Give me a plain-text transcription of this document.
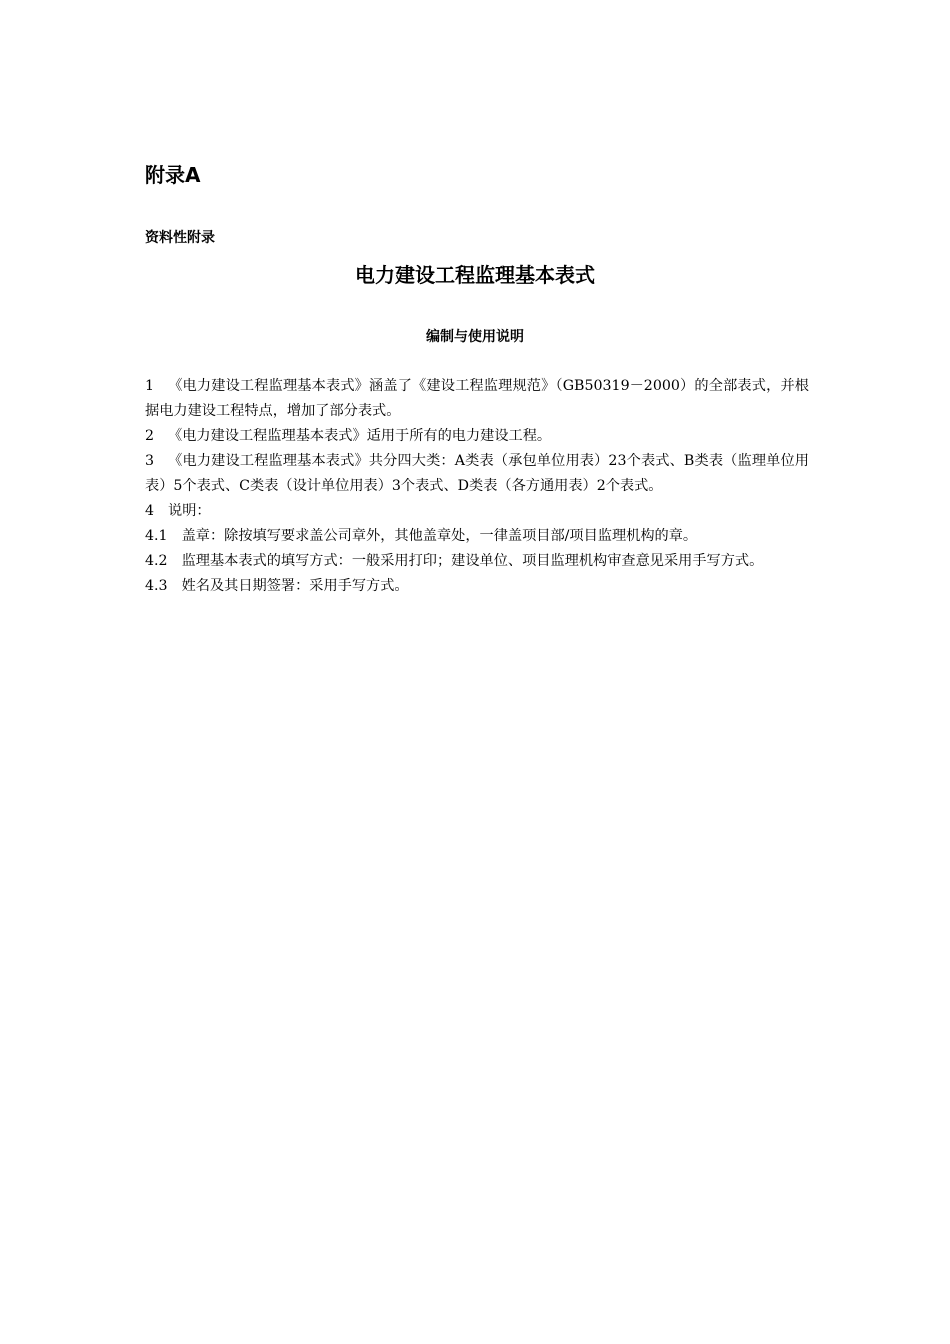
附录A
资料性附录
电力建设工程监理基本表式
编制与使用说明

1 《电力建设工程监理基本表式》涵盖了《建设工程监理规范》（GB50319－2000）的全部表式，并根据电力建设工程特点，增加了部分表式。

2 《电力建设工程监理基本表式》适用于所有的电力建设工程。

3 《电力建设工程监理基本表式》共分四大类：A类表（承包单位用表）23个表式、B类表（监理单位用表）5个表式、C类表（设计单位用表）3个表式、D类表（各方通用表）2个表式。

4 说明：

4.1 盖章：除按填写要求盖公司章外，其他盖章处，一律盖项目部/项目监理机构的章。

4.2 监理基本表式的填写方式：一般采用打印；建设单位、项目监理机构审查意见采用手写方式。

4.3 姓名及其日期签署：采用手写方式。
